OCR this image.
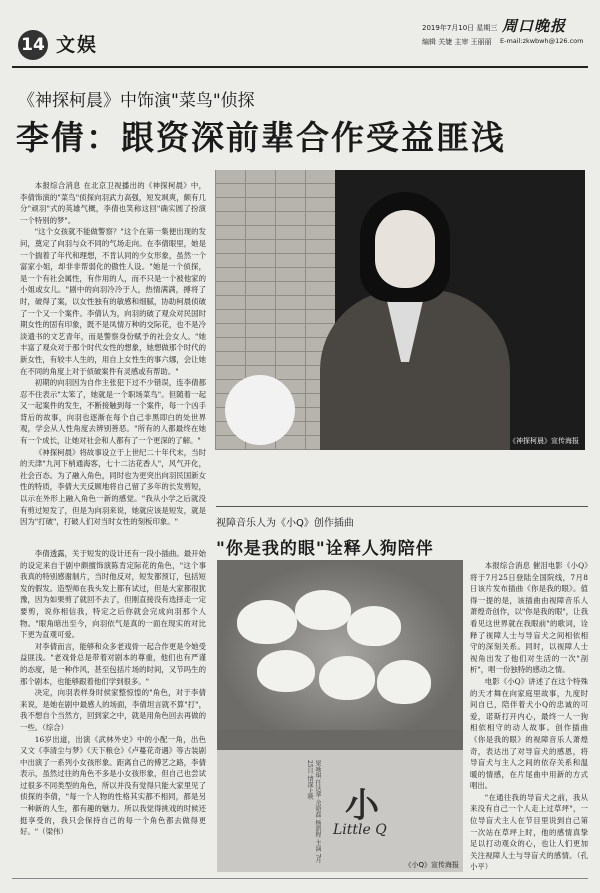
14 文娱
周口晚报
2019年7月10日 星期三
编辑 关婕 主审 王丽丽 E-mail:zkwbwh@126.com
《神探柯晨》中饰演"菜鸟"侦探
李倩：跟资深前辈合作受益匪浅

本报综合消息 在北京卫视播出的《神探柯晨》中，李倩饰演的"菜鸟"侦探向羽武力高强，短发飒爽，颇有几分"顽羽"式的英雄气概，李倩也笑称这回"确实圆了扮演一个特别的梦"。

"这个女孩就不能做警察？"这个在第一集便出现的发问，奠定了向羽与众不同的气场走向。在李倩眼里，她是一个揣着了年代和理想，不肯认同的少女形象，虽然一个富家小姐，却非非帮弱化的傲性人设。"她是一个侦探，是一个有社会属性，有作用的人，而不只是一个被他家的小姐或女儿。"剧中的向羽冷冷于人，热情满满，搏将了时，破得了案，以女性独有的敏感和细腻，协助柯晨侦破了一个又一个案件。李倩认为，向羽的破了观众对民国时期女性的固有印象，既不是凤情万种的交际花，也不是冷淡遗书的文艺青年，而是警察身份赋予的社会女人。"她丰富了观众对于那个时代女性的想象，她想做那个时代的新女性，有较丰人生的，用自上女性生的事六娜，会让她在不同的角度上对于侦破案件有灵感或有帮助。"

初期的向羽因为自作主张犯下过不少错误，连李倩都忍不住表示"太笨了，她就是一个职场菜鸟"。但随着一起又一起案件的发生，不断接触到每一个案件，每一个凶手背后的故事，向羽也逐渐在每个自己非黑即白的处世界观，学会从人性角度去辨别善恶。"所有的人都最终在她有一个成长，让她对社会和人都有了一个更深的了解。"

《神探柯晨》将故事设立于上世纪二十年代末，当时的天津"九河下梢通海客，七十二沽花香人"，风气开化，社会百态。为了融入角色，同时也为更突出向羽民国新女性的特质，李倩大天反顾地将自己留了多年的长发剪短，以示在外形上融入角色一新的感觉。"我从小学之后就没有剪过短发了，但是为向羽来说，她就应该是短发，就是因为"打破"，打破人们对当时女性的刻板印象。"

李倩透露，关于短发的设计还有一段小插曲。最开始的设定来自于剧中颇擅饰演陈肯定际花的角色，"这个事我真的特别感谢制片，当时他反对，短发都预订，包括短发的假发。造型师在我头发上都有试过，但是大家都很犹豫，因为如果剪了就回不去了，但刚直接没有选择走一定要剪，说你相信我，特定之后你就会完成向羽那个人物。"眼角暗出至今，向羽依气是真的一面在现实的对比下更为直观可爱。

对李倩而言，能够和众多老戏骨一起合作更是令她受益匪浅。"老戏骨总是带着对剧本的尊重，他们也有严谨的态度，是一种作风，甚至包括片场的时间，又节吗生的那个剧本，也能够跟着他们学到很多。"

决定，向羽表样身时侯家整惊惶的"角色，对于李倩来说，是她在剧中最感人的场面，李倩坦言就不算"打"，我不想自个当然方，回到家之中，就是用角色回去再做的一些。（综合）

16岁出道，出演《武林外史》中的小配一角，出色又文《李清尘与梦》《天下粮仓》《卢蔓花奇遇》等古装剧中出演了一系列小女孩形象。距离自己的傅艺之路，李倩表示，虽然过往的角色不多是小女孩形象，但自己也尝试过很多不同类型的角色，所以并没有觉得只能大家里见了侦探的李倩，"每一个人物的性格其实都不相同，都是另一种新的人生，都有趣的魅力。所以我觉得挑戏的时候还挺享受的，我只会保持自己的每一个角色都去做得更好。"（梁伟）

《神探柯晨》宣传海报
视障音乐人为《小Q》创作插曲
"你是我的眼"诠释人狗陪伴
梁咏琪 任达华 余皑磊 杨凯程 主演 7月25日 情深上映
小
Little Q
《小Q》宣传海报

本报综合消息 催泪电影《小Q》将于7月25日登陆全国院线，7月8日该片发布插曲《你是我的眼》。值得一提的是，该插曲由视障音乐人萧煌奇创作，以"你是我的眼"，让我看见这世界就在我眼前"的歌词，诠释了视障人士与导盲犬之间相依相守的深刻关系。同时，以视障人士视角出发了他们对生活的一次"剖析"，唱一份独特的感动之情。

电影《小Q》讲述了在这个特殊的天才舞在向家庭里故事，九度时间自已，陪伴着犬小Q的忠诚的可爱，诺斯打开内心，最终一人一狗相依相守的动人故事。创作插曲《你是我的眼》的视障音乐人萧煌奇，表达出了对导盲犬的感恩，将导盲犬与主人之间的依存关系和温暖的情感，在片尾曲中用新的方式唱出。

"在通往我的导盲犬之前，我从来没有自己一个人走上过草坪"，一位导盲犬主人在节目里说到自己第一次站在草坪上时，他的感情真挚足以打动观众的心，也让人们更加关注视障人士与导盲犬的感情。（孔小平）
